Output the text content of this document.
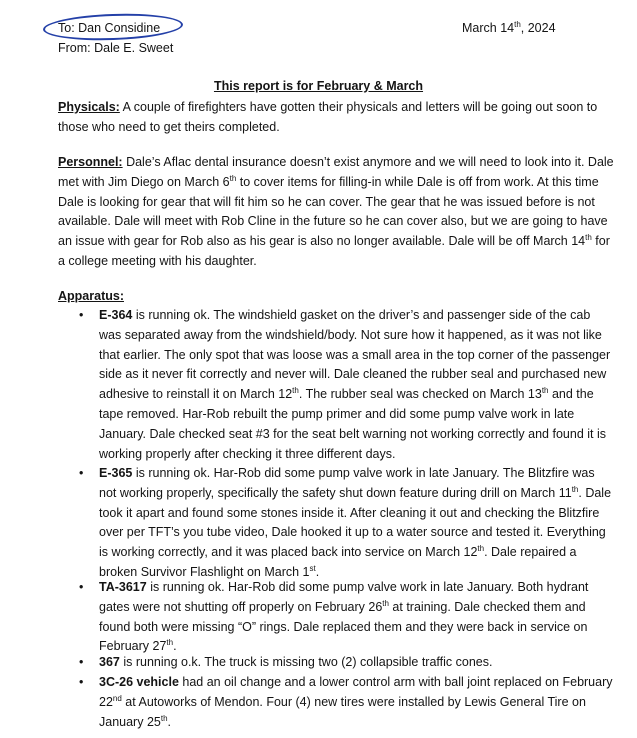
To: Dan Considine
From: Dale E. Sweet
March 14th, 2024
This report is for February & March

Physicals: A couple of firefighters have gotten their physicals and letters will be going out soon to those who need to get theirs completed.

Personnel: Dale’s Aflac dental insurance doesn’t exist anymore and we will need to look into it. Dale met with Jim Diego on March 6th to cover items for filling-in while Dale is off from work. At this time Dale is looking for gear that will fit him so he can cover. The gear that he was issued before is not available. Dale will meet with Rob Cline in the future so he can cover also, but we are going to have an issue with gear for Rob also as his gear is also no longer available. Dale will be off March 14th for a college meeting with his daughter.

Apparatus:
• E-364 is running ok. The windshield gasket on the driver’s and passenger side of the cab was separated away from the windshield/body. Not sure how it happened, as it was not like that earlier. The only spot that was loose was a small area in the top corner of the passenger side as it never fit correctly and never will. Dale cleaned the rubber seal and purchased new adhesive to reinstall it on March 12th. The rubber seal was checked on March 13th and the tape removed. Har-Rob rebuilt the pump primer and did some pump valve work in late January. Dale checked seat #3 for the seat belt warning not working correctly and found it is working properly after checking it three different days.

• E-365 is running ok. Har-Rob did some pump valve work in late January. The Blitzfire was not working properly, specifically the safety shut down feature during drill on March 11th. Dale took it apart and found some stones inside it. After cleaning it out and checking the Blitzfire over per TFT’s you tube video, Dale hooked it up to a water source and tested it. Everything is working correctly, and it was placed back into service on March 12th. Dale repaired a broken Survivor Flashlight on March 1st.

• TA-3617 is running ok. Har-Rob did some pump valve work in late January. Both hydrant gates were not shutting off properly on February 26th at training. Dale checked them and found both were missing “O” rings. Dale replaced them and they were back in service on February 27th.

• 367 is running o.k. The truck is missing two (2) collapsible traffic cones.

• 3C-26 vehicle had an oil change and a lower control arm with ball joint replaced on February 22nd at Autoworks of Mendon. Four (4) new tires were installed by Lewis General Tire on January 25th.
